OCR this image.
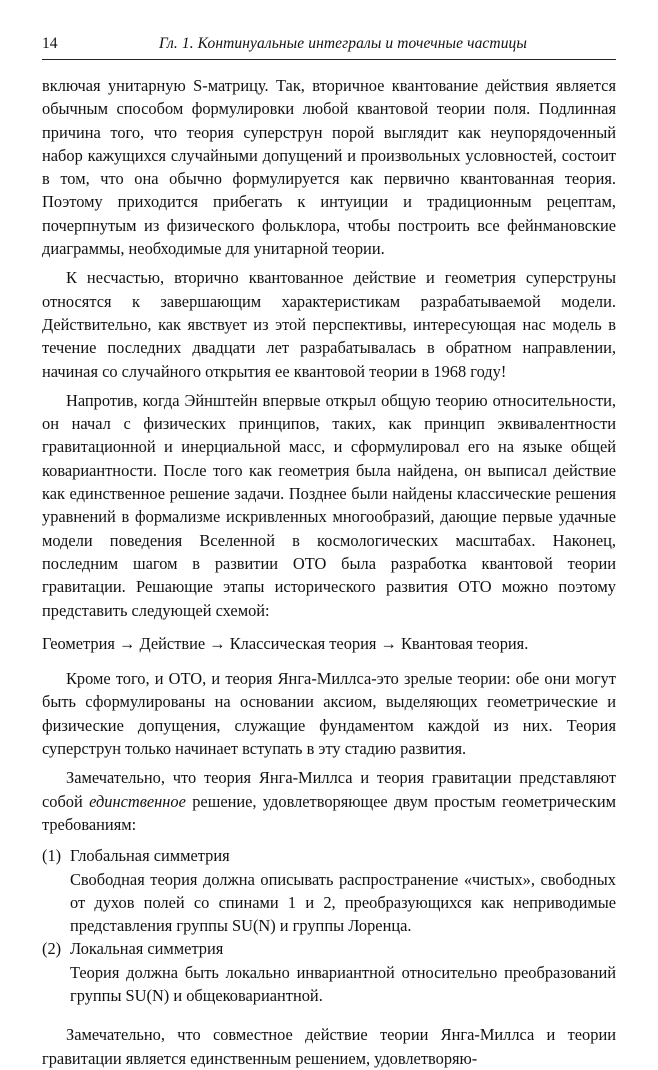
14	Гл. 1. Континуальные интегралы и точечные частицы

включая унитарную S-матрицу. Так, вторичное квантование действия является обычным способом формулировки любой квантовой теории поля. Подлинная причина того, что теория суперструн порой выглядит как неупорядоченный набор кажущихся случайными допущений и произвольных условностей, состоит в том, что она обычно формулируется как первично квантованная теория. Поэтому приходится прибегать к интуиции и традиционным рецептам, почерпнутым из физического фольклора, чтобы построить все фейнмановские диаграммы, необходимые для унитарной теории.

К несчастью, вторично квантованное действие и геометрия суперструны относятся к завершающим характеристикам разрабатываемой модели. Действительно, как явствует из этой перспективы, интересующая нас модель в течение последних двадцати лет разрабатывалась в обратном направлении, начиная со случайного открытия ее квантовой теории в 1968 году!

Напротив, когда Эйнштейн впервые открыл общую теорию относительности, он начал с физических принципов, таких, как принцип эквивалентности гравитационной и инерциальной масс, и сформулировал его на языке общей ковариантности. После того как геометрия была найдена, он выписал действие как единственное решение задачи. Позднее были найдены классические решения уравнений в формализме искривленных многообразий, дающие первые удачные модели поведения Вселенной в космологических масштабах. Наконец, последним шагом в развитии ОТО была разработка квантовой теории гравитации. Решающие этапы исторического развития ОТО можно поэтому представить следующей схемой:

Геометрия → Действие → Классическая теория → Квантовая теория.

Кроме того, и ОТО, и теория Янга-Миллса-это зрелые теории: обе они могут быть сформулированы на основании аксиом, выделяющих геометрические и физические допущения, служащие фундаментом каждой из них. Теория суперструн только начинает вступать в эту стадию развития.

Замечательно, что теория Янга-Миллса и теория гравитации представляют собой единственное решение, удовлетворяющее двум простым геометрическим требованиям:

(1) Глобальная симметрия
Свободная теория должна описывать распространение «чистых», свободных от духов полей со спинами 1 и 2, преобразующихся как неприводимые представления группы SU(N) и группы Лоренца.
(2) Локальная симметрия
Теория должна быть локально инвариантной относительно преобразований группы SU(N) и общековариантной.

Замечательно, что совместное действие теории Янга-Миллса и теории гравитации является единственным решением, удовлетворяю-
